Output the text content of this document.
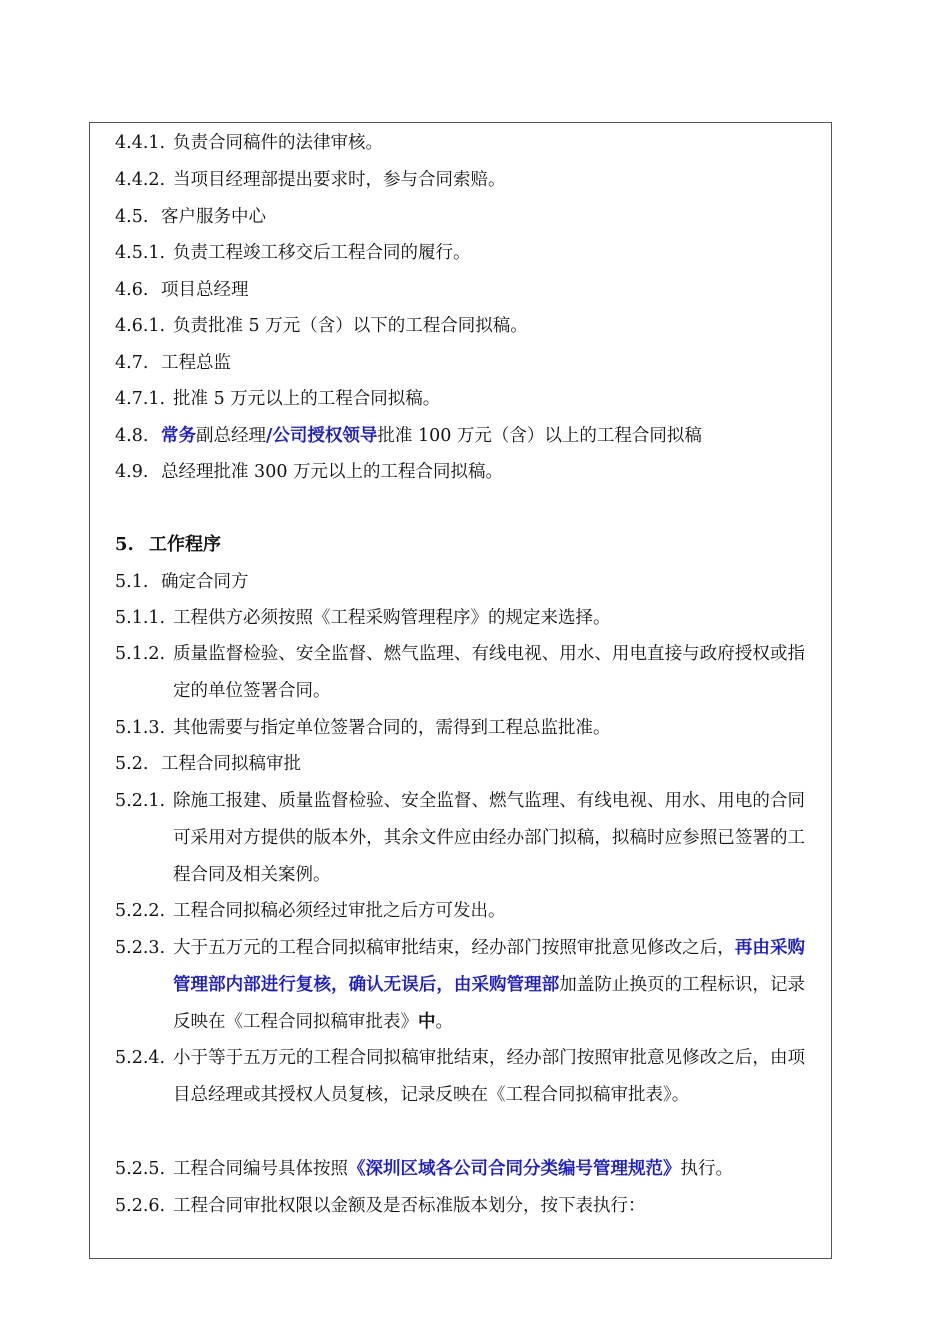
4.4.1. 负责合同稿件的法律审核。
4.4.2. 当项目经理部提出要求时，参与合同索赔。
4.5. 客户服务中心
4.5.1. 负责工程竣工移交后工程合同的履行。
4.6. 项目总经理
4.6.1. 负责批准 5 万元（含）以下的工程合同拟稿。
4.7. 工程总监
4.7.1. 批准 5 万元以上的工程合同拟稿。
4.8. 常务副总经理/公司授权领导批准 100 万元（含）以上的工程合同拟稿
4.9. 总经理批准 300 万元以上的工程合同拟稿。
5. 工作程序
5.1. 确定合同方
5.1.1. 工程供方必须按照《工程采购管理程序》的规定来选择。
5.1.2. 质量监督检验、安全监督、燃气监理、有线电视、用水、用电直接与政府授权或指定的单位签署合同。
5.1.3. 其他需要与指定单位签署合同的，需得到工程总监批准。
5.2. 工程合同拟稿审批
5.2.1. 除施工报建、质量监督检验、安全监督、燃气监理、有线电视、用水、用电的合同可采用对方提供的版本外，其余文件应由经办部门拟稿，拟稿时应参照已签署的工程合同及相关案例。
5.2.2. 工程合同拟稿必须经过审批之后方可发出。
5.2.3. 大于五万元的工程合同拟稿审批结束，经办部门按照审批意见修改之后，再由采购管理部内部进行复核，确认无误后，由采购管理部加盖防止换页的工程标识，记录反映在《工程合同拟稿审批表》中。
5.2.4. 小于等于五万元的工程合同拟稿审批结束，经办部门按照审批意见修改之后，由项目总经理或其授权人员复核，记录反映在《工程合同拟稿审批表》。
5.2.5. 工程合同编号具体按照《深圳区域各公司合同分类编号管理规范》执行。
5.2.6. 工程合同审批权限以金额及是否标准版本划分，按下表执行：
